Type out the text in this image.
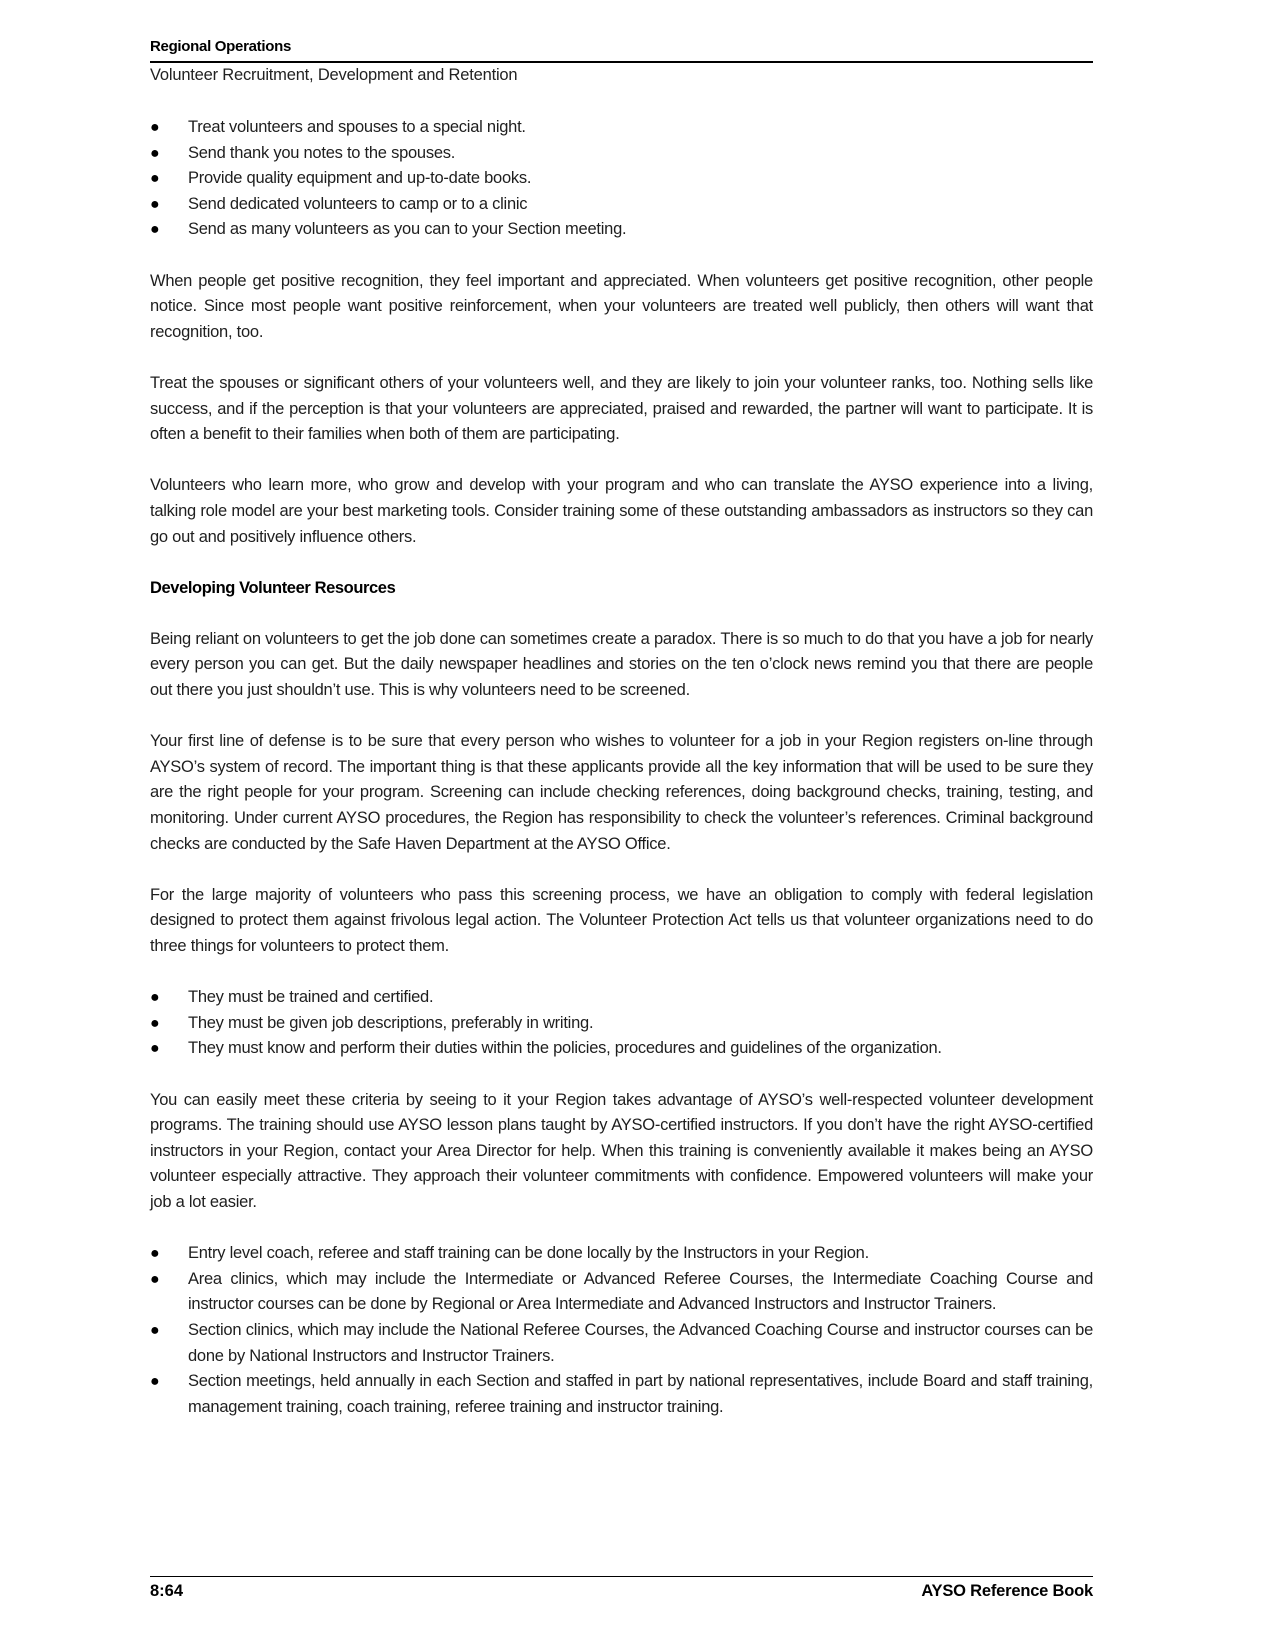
Regional Operations
Volunteer Recruitment, Development and Retention
● Treat volunteers and spouses to a special night.
● Send thank you notes to the spouses.
● Provide quality equipment and up-to-date books.
● Send dedicated volunteers to camp or to a clinic
● Send as many volunteers as you can to your Section meeting.

When people get positive recognition, they feel important and appreciated. When volunteers get positive recognition, other people notice. Since most people want positive reinforcement, when your volunteers are treated well publicly, then others will want that recognition, too.

Treat the spouses or significant others of your volunteers well, and they are likely to join your volunteer ranks, too. Nothing sells like success, and if the perception is that your volunteers are appreciated, praised and rewarded, the partner will want to participate. It is often a benefit to their families when both of them are participating.

Volunteers who learn more, who grow and develop with your program and who can translate the AYSO experience into a living, talking role model are your best marketing tools. Consider training some of these outstanding ambassadors as instructors so they can go out and positively influence others.

Developing Volunteer Resources

Being reliant on volunteers to get the job done can sometimes create a paradox. There is so much to do that you have a job for nearly every person you can get. But the daily newspaper headlines and stories on the ten o’clock news remind you that there are people out there you just shouldn’t use. This is why volunteers need to be screened.

Your first line of defense is to be sure that every person who wishes to volunteer for a job in your Region registers on-line through AYSO’s system of record. The important thing is that these applicants provide all the key information that will be used to be sure they are the right people for your program. Screening can include checking references, doing background checks, training, testing, and monitoring. Under current AYSO procedures, the Region has responsibility to check the volunteer’s references. Criminal background checks are conducted by the Safe Haven Department at the AYSO Office.

For the large majority of volunteers who pass this screening process, we have an obligation to comply with federal legislation designed to protect them against frivolous legal action. The Volunteer Protection Act tells us that volunteer organizations need to do three things for volunteers to protect them.

● They must be trained and certified.
● They must be given job descriptions, preferably in writing.
● They must know and perform their duties within the policies, procedures and guidelines of the organization.

You can easily meet these criteria by seeing to it your Region takes advantage of AYSO’s well-respected volunteer development programs. The training should use AYSO lesson plans taught by AYSO-certified instructors. If you don’t have the right AYSO-certified instructors in your Region, contact your Area Director for help. When this training is conveniently available it makes being an AYSO volunteer especially attractive. They approach their volunteer commitments with confidence. Empowered volunteers will make your job a lot easier.

● Entry level coach, referee and staff training can be done locally by the Instructors in your Region.
● Area clinics, which may include the Intermediate or Advanced Referee Courses, the Intermediate Coaching Course and instructor courses can be done by Regional or Area Intermediate and Advanced Instructors and Instructor Trainers.
● Section clinics, which may include the National Referee Courses, the Advanced Coaching Course and instructor courses can be done by National Instructors and Instructor Trainers.
● Section meetings, held annually in each Section and staffed in part by national representatives, include Board and staff training, management training, coach training, referee training and instructor training.
8:64	AYSO Reference Book
